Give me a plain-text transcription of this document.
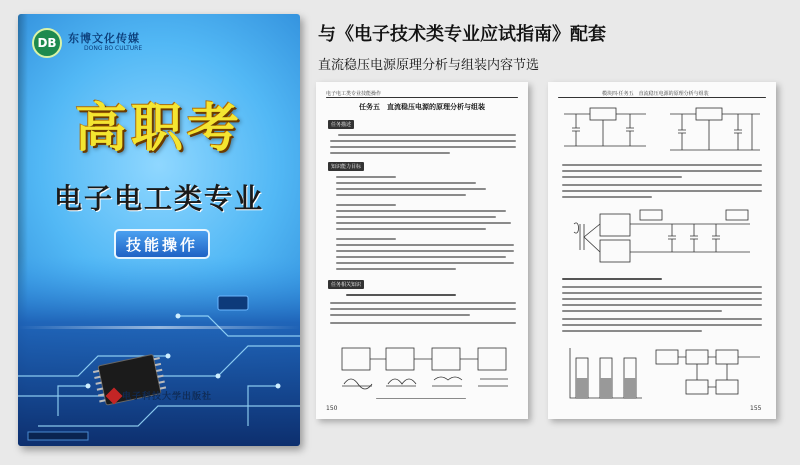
DB	东博文化传媒
DONG BO CULTURE
高职考
电子电工类专业
技能操作
电子科技大学出版社
与《电子技术类专业应试指南》配套
直流稳压电源原理分析与组装内容节选
电子电工类专业技能操作
任务五　直流稳压电源的原理分析与组装
任务描述
知识能力目标
任务相关知识
150
模块四·任务五　直流稳压电源的原理分析与组装
155
